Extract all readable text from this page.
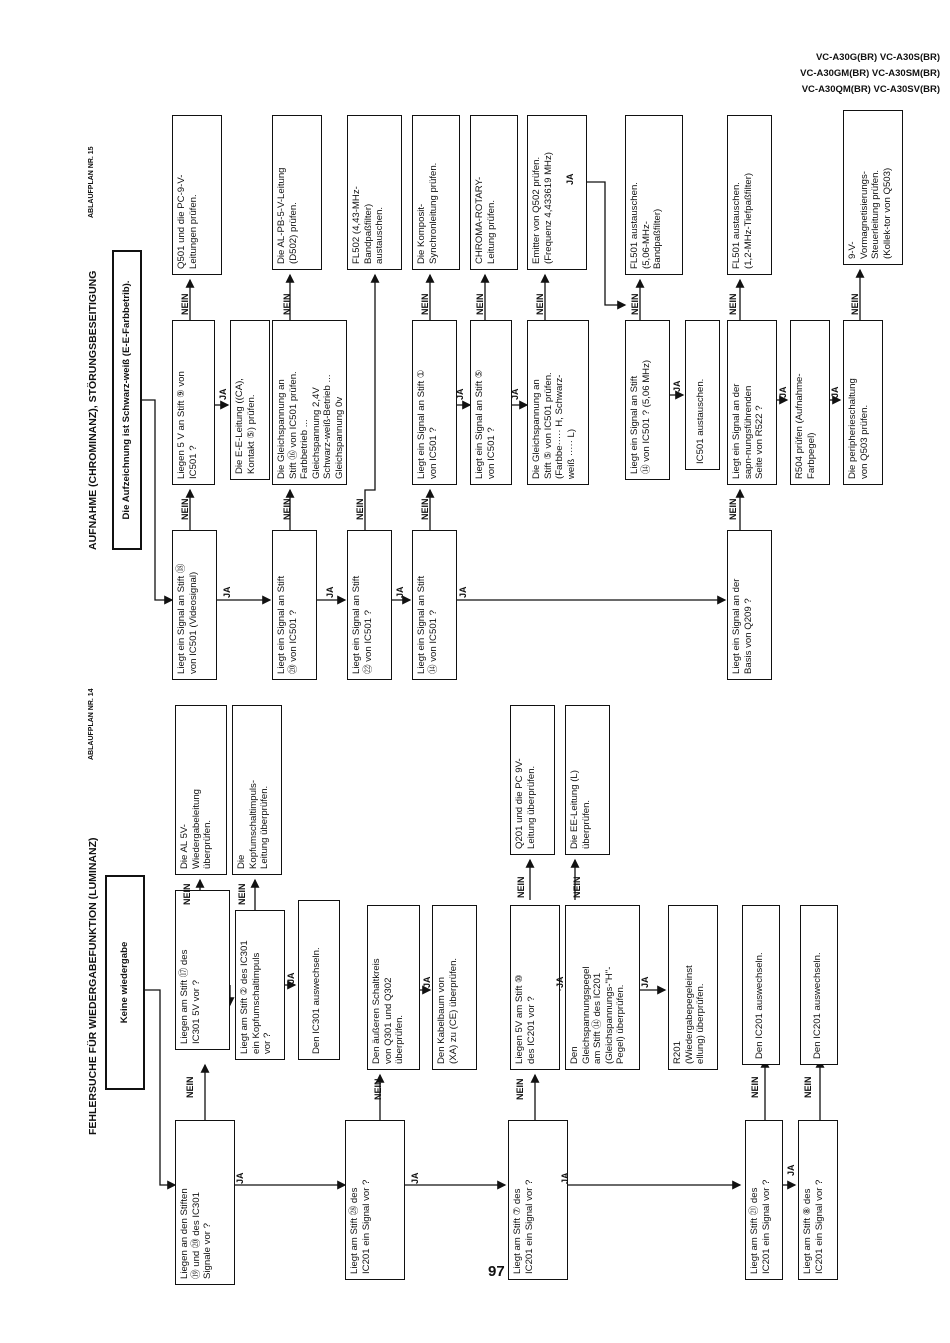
FEHLERSUCHE FÜR WIEDERGABEFUNKTION (LUMINANZ)
ABLAUFPLAN NR. 14
AUFNAHME (CHROMINANZ), STÖRUNGSBESEITIGUNG
ABLAUFPLAN NR. 15
VC-A30G(BR) VC-A30S(BR)
VC-A30GM(BR) VC-A30SM(BR)
VC-A30QM(BR) VC-A30SV(BR)
Keine wiedergabe
Liegen an den Stiften
⑲ und ⑳ des IC301
Signale vor ?
Liegen am Stift ⑰ des
IC301 5V vor ?
Die AL 5V-
Wiedergabeleitung
überprüfen.
Liegt am Stift ② des IC301
ein Kopfumschaltimpuls
vor ?
Die
Kopfumschaltimpuls-
Leitung überprüfen.
Den IC301 auswechseln.
Liegt am Stift ㉘ des
IC201 ein Signal vor ?
Den äußeren Schaltkreis
von Q301 und Q302
überprüfen.	Den Kabelbaum von
(XA) zu (CE) überprüfen.
Liegt am Stift ⑦ des
IC201 ein Signal vor ?
Liegen 5V am Stift ⑩
des IC201 vor ?
Q201 und die PC 9V-
Leitung überprüfen.
Den
Gleichspannungspegel
am Stift ⑭ des IC201
(Gleichspannungs-"H"-
Pegel) überprüfen.
Die EE-Leitung (L)
überprüfen.
R201
(Wiedergabepegeleinst
ellung) überprüfen.
Liegt am Stift ㉑ des
IC201 ein Signal vor ?
Den IC201 auswechseln.
Liegt am Stift ⑧ des
IC201 ein Signal vor ?
Den IC201 auswechseln.
NEIN
JA
NEIN	NEIN
JA
NEIN
JA
JA
NEIN
NEIN
JA
NEIN
JA
JA
NEIN
JA
NEIN
Die Aufzeichnung ist Schwarz-weiß (E-E-Farbbetrib).
Liegt ein Signal an Stift ⑱
von IC501 (Videosignal)
Liegen 5 V an Stift ⑨ von
IC501 ?
Q501 und die PC-9-V-
Leitungen prüfen.
Die E-E-Leitung ((CA),
Kontakt ⑤) prüfen.
Liegt ein Signal an Stift
⑳ von IC501 ?
Die Gleichspannung an
Stift ⑯ von IC501 prüfen.
Farbbetrieb ...
Gleichspannung 2,4V
Schwarz-weiß-Betrieb ...
Gleichspannung 0v
Die AL-PB-5-V-Leitung
(D502) prüfen.
Liegt ein Signal an Stift
㉒ von IC501 ?
FL502 (4,43-MHz-
Bandpaßfilter)
austauschen.
Liegt ein Signal an Stift
⑭ von IC501 ?
Liegt ein Signal an Stift ①
von IC501 ?
Die Komposit-
Synchronleitung prüfen.
Liegt ein Signal an Stift ⑤
von IC501 ?
CHROMA-ROTARY-
Leitung prüfen.
Die Gleichspannung an
Stift ⑤ von IC501 prüfen.
(Farbbe····· H, Schwarz-
weiß ····· L)
Emitter von Q502 prüfen.
(Frequenz 4,433619 MHz)
Liegt ein Signal an Stift
⑭ von IC501 ? (5,06 MHz)
FL501 austauschen.
(5,06-MHz-
Bandpaßfilter)
IC501 austauschen.
Liegt ein Signal an der
Basis von Q209 ?
Liegt ein Signal an der
sapn-nungsführenden
Seite von R522 ?
FL501 austauschen.
(1,2-MHz-Tiefpaßfilter)
R504 prüfen (Aufnahme-
Farbpegel)	Die peripherieschaltung
von Q503 prüfen.
9-V-
Vormagnetisierungs-
Steuerleitung prüfen.
(Kollek-tor von Q503)
NEIN
NEIN
JA
JA
NEIN
NEIN
JA
NEIN
JA
NEIN
NEIN
JA
NEIN
JA
NEIN
JA
NEIN
JA
JA
NEIN
NEIN
JA	JA
NEIN
97
